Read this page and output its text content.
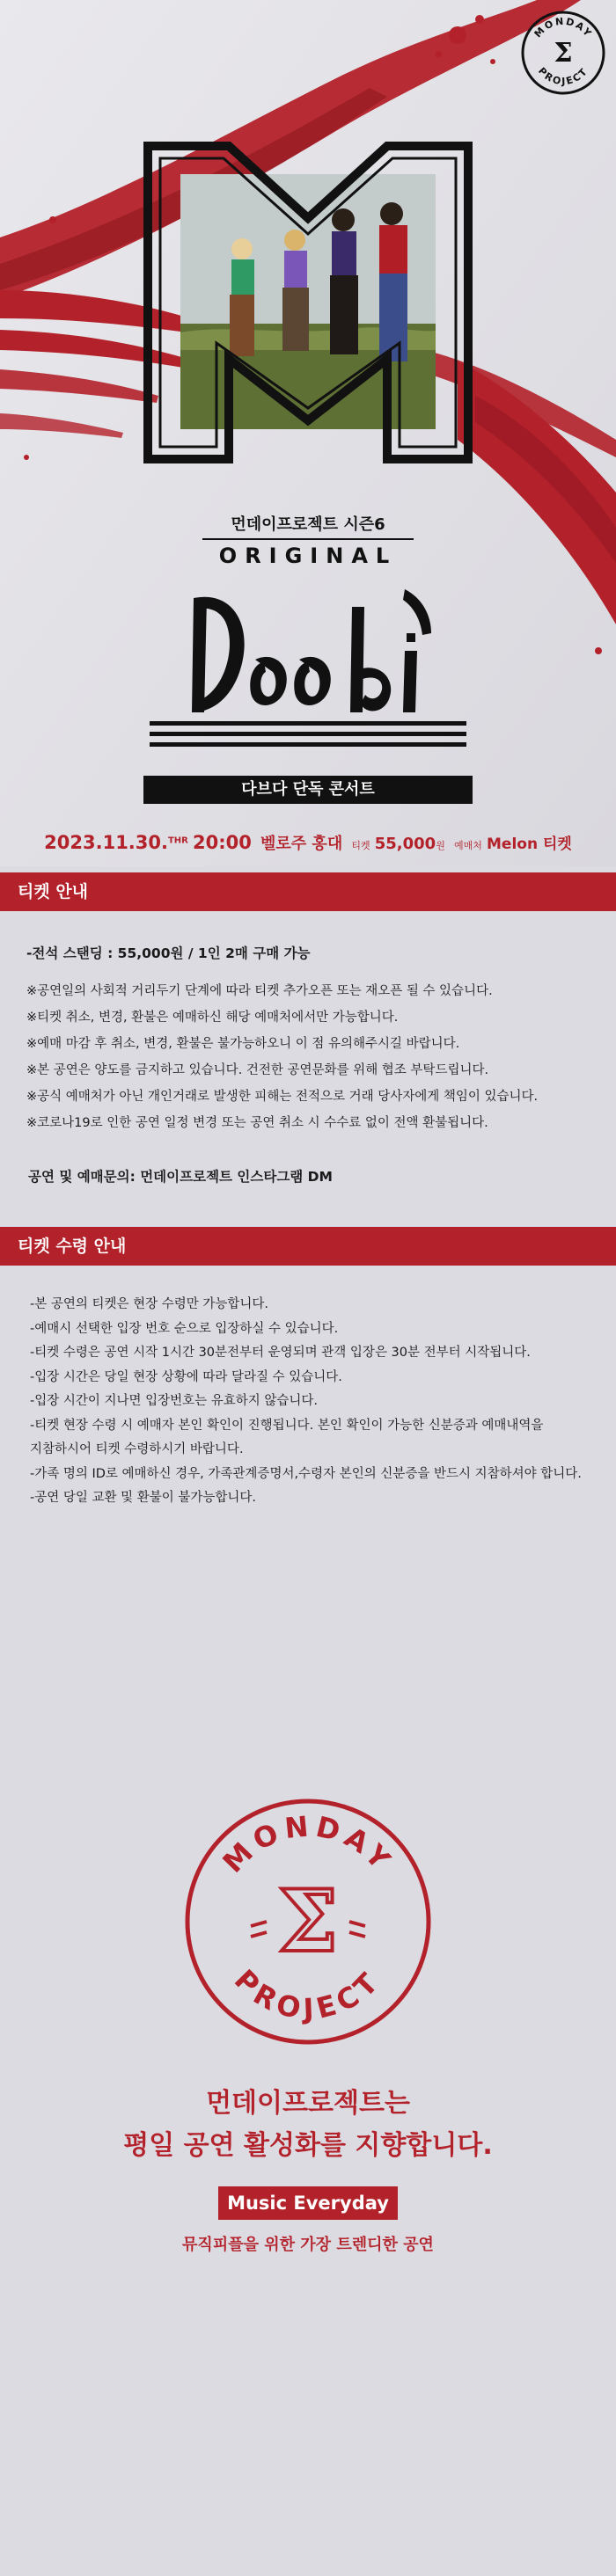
MONDAY
PROJECT
Σ
먼데이프로젝트 시즌6
ORIGINAL
다브다 단독 콘서트
2023.11.30.$^{THR}$ 20:00 벨로주 홍대 티켓 55,000원 예매처 Melon 티켓
티켓 안내
-전석 스탠딩 : 55,000원 / 1인 2매 구매 가능
※공연일의 사회적 거리두기 단계에 따라 티켓 추가오픈 또는 재오픈 될 수 있습니다.
※티켓 취소, 변경, 환불은 예매하신 해당 예매처에서만 가능합니다.
※예매 마감 후 취소, 변경, 환불은 불가능하오니 이 점 유의해주시길 바랍니다.
※본 공연은 양도를 금지하고 있습니다. 건전한 공연문화를 위해 협조 부탁드립니다.
※공식 예매처가 아닌 개인거래로 발생한 피해는 전적으로 거래 당사자에게 책임이 있습니다.
※코로나19로 인한 공연 일정 변경 또는 공연 취소 시 수수료 없이 전액 환불됩니다.
공연 및 예매문의: 먼데이프로젝트 인스타그램 DM
티켓 수령 안내
-본 공연의 티켓은 현장 수령만 가능합니다.
-예매시 선택한 입장 번호 순으로 입장하실 수 있습니다.
-티켓 수령은 공연 시작 1시간 30분전부터 운영되며 관객 입장은 30분 전부터 시작됩니다.
-입장 시간은 당일 현장 상황에 따라 달라질 수 있습니다.
-입장 시간이 지나면 입장번호는 유효하지 않습니다.
-티켓 현장 수령 시 예매자 본인 확인이 진행됩니다. 본인 확인이 가능한 신분증과 예매내역을
지참하시어 티켓 수령하시기 바랍니다.
-가족 명의 ID로 예매하신 경우, 가족관계증명서,수령자 본인의 신분증을 반드시 지참하셔야 합니다.
-공연 당일 교환 및 환불이 불가능합니다.
MONDAY
PROJECT
Σ
먼데이프로젝트는
평일 공연 활성화를 지향합니다.
Music Everyday
뮤직피플을 위한 가장 트렌디한 공연
